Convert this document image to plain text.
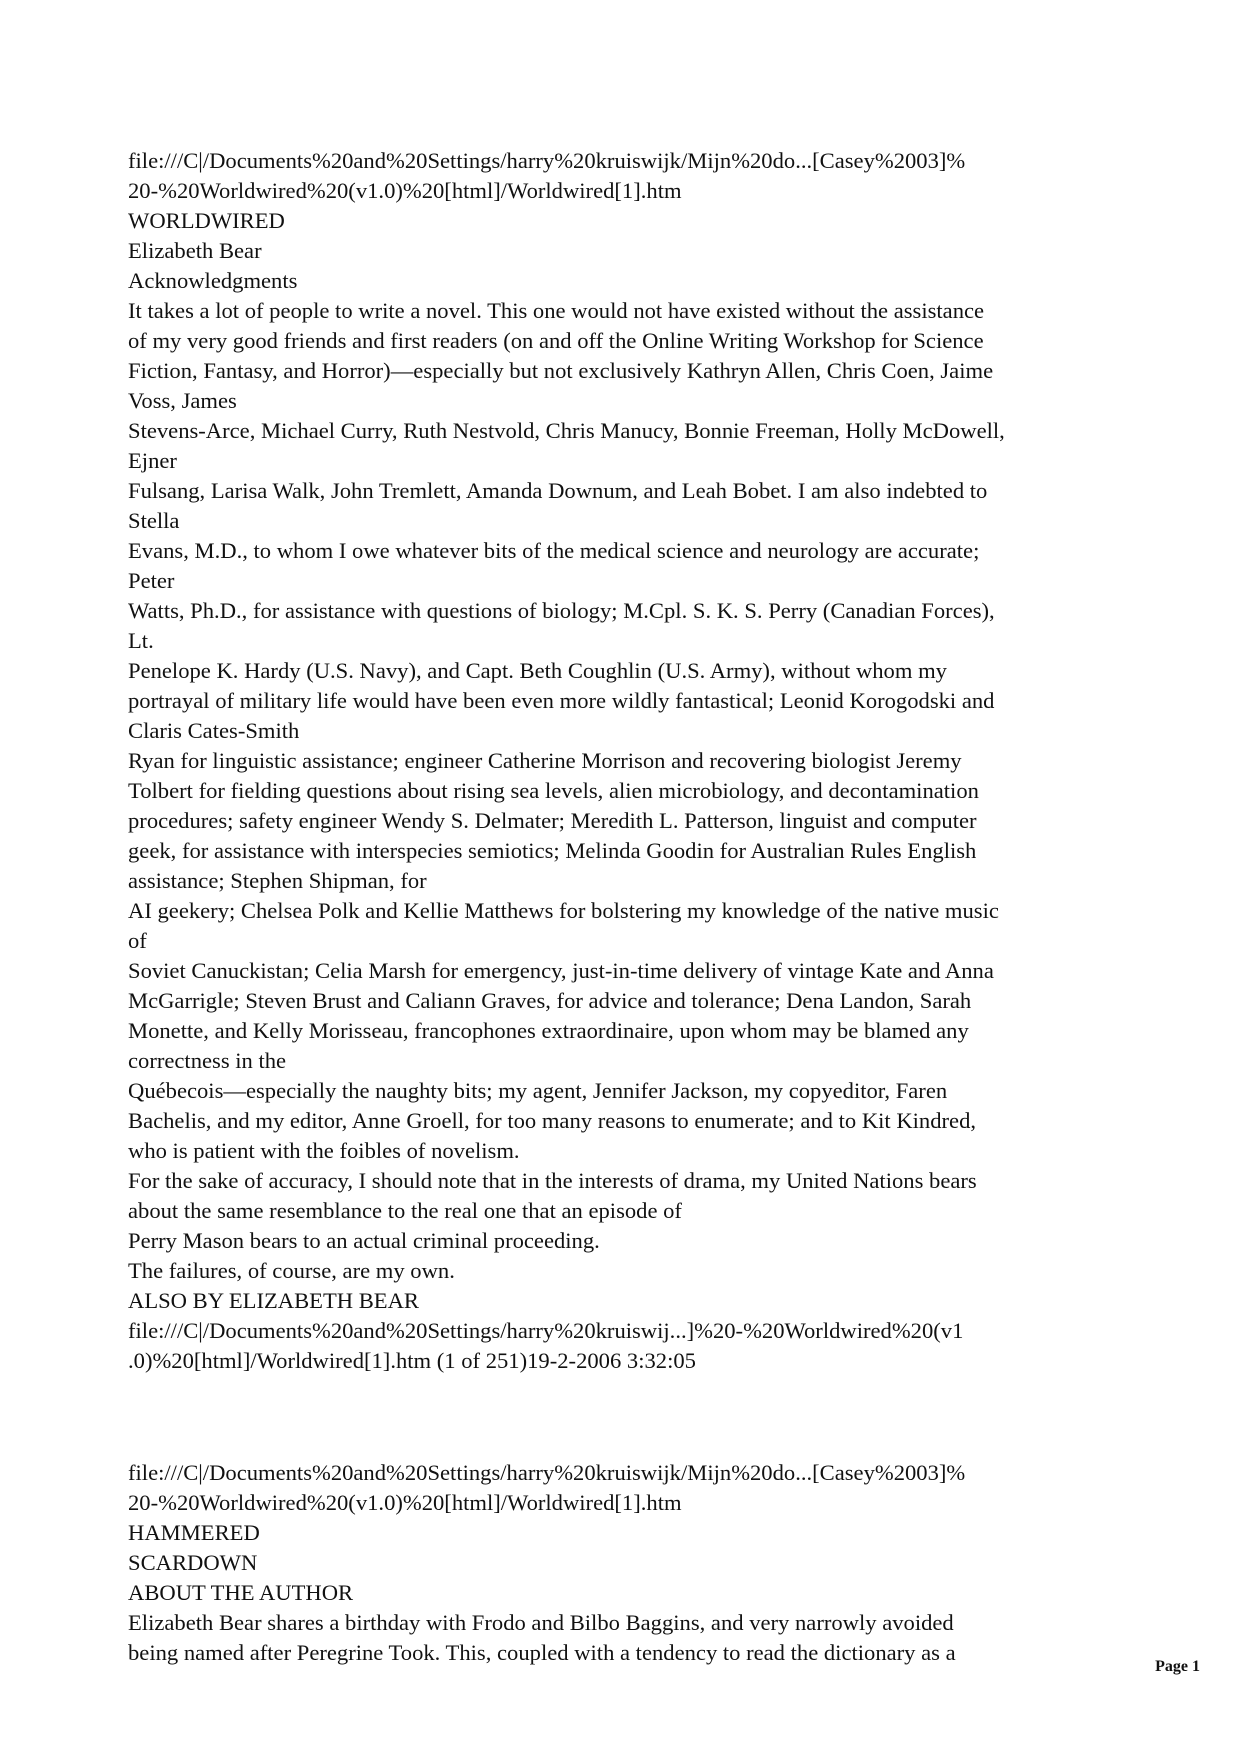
file:///C|/Documents%20and%20Settings/harry%20kruiswijk/Mijn%20do...[Casey%2003]%
20-%20Worldwired%20(v1.0)%20[html]/Worldwired[1].htm
WORLDWIRED
Elizabeth Bear
Acknowledgments
It takes a lot of people to write a novel. This one would not have existed without the assistance
of my very good friends and first readers (on and off the Online Writing Workshop for Science
Fiction, Fantasy, and Horror)—especially but not exclusively Kathryn Allen, Chris Coen, Jaime
Voss, James
Stevens-Arce, Michael Curry, Ruth Nestvold, Chris Manucy, Bonnie Freeman, Holly McDowell,
Ejner
Fulsang, Larisa Walk, John Tremlett, Amanda Downum, and Leah Bobet. I am also indebted to
Stella
Evans, M.D., to whom I owe whatever bits of the medical science and neurology are accurate;
Peter
Watts, Ph.D., for assistance with questions of biology; M.Cpl. S. K. S. Perry (Canadian Forces),
Lt.
Penelope K. Hardy (U.S. Navy), and Capt. Beth Coughlin (U.S. Army), without whom my
portrayal of military life would have been even more wildly fantastical; Leonid Korogodski and
Claris Cates-Smith
Ryan for linguistic assistance; engineer Catherine Morrison and recovering biologist Jeremy
Tolbert for fielding questions about rising sea levels, alien microbiology, and decontamination
procedures; safety engineer Wendy S. Delmater; Meredith L. Patterson, linguist and computer
geek, for assistance with interspecies semiotics; Melinda Goodin for Australian Rules English
assistance; Stephen Shipman, for
AI geekery; Chelsea Polk and Kellie Matthews for bolstering my knowledge of the native music
of
Soviet Canuckistan; Celia Marsh for emergency, just-in-time delivery of vintage Kate and Anna
McGarrigle; Steven Brust and Caliann Graves, for advice and tolerance; Dena Landon, Sarah
Monette, and Kelly Morisseau, francophones extraordinaire, upon whom may be blamed any
correctness in the
Québecois—especially the naughty bits; my agent, Jennifer Jackson, my copyeditor, Faren
Bachelis, and my editor, Anne Groell, for too many reasons to enumerate; and to Kit Kindred,
who is patient with the foibles of novelism.
For the sake of accuracy, I should note that in the interests of drama, my United Nations bears
about the same resemblance to the real one that an episode of
Perry Mason bears to an actual criminal proceeding.
The failures, of course, are my own.
ALSO BY ELIZABETH BEAR
file:///C|/Documents%20and%20Settings/harry%20kruiswij...]%20-%20Worldwired%20(v1
.0)%20[html]/Worldwired[1].htm (1 of 251)19-2-2006 3:32:05
file:///C|/Documents%20and%20Settings/harry%20kruiswijk/Mijn%20do...[Casey%2003]%
20-%20Worldwired%20(v1.0)%20[html]/Worldwired[1].htm
HAMMERED
SCARDOWN
ABOUT THE AUTHOR
Elizabeth Bear shares a birthday with Frodo and Bilbo Baggins, and very narrowly avoided
being named after Peregrine Took. This, coupled with a tendency to read the dictionary as a
Page 1
